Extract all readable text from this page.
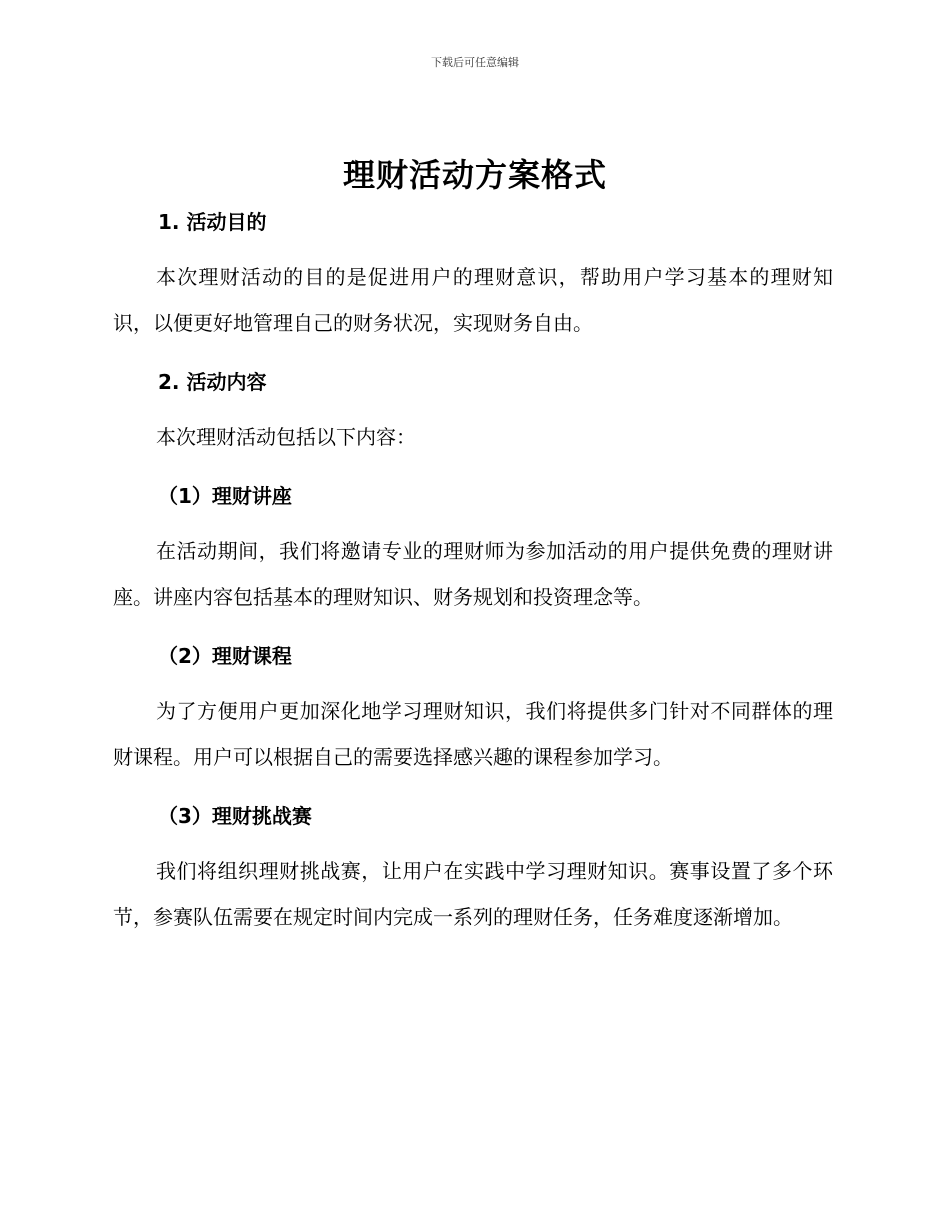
下载后可任意编辑
理财活动方案格式
1. 活动目的

本次理财活动的目的是促进用户的理财意识，帮助用户学习基本的理财知识，以便更好地管理自己的财务状况，实现财务自由。

2. 活动内容

本次理财活动包括以下内容：

（1）理财讲座

在活动期间，我们将邀请专业的理财师为参加活动的用户提供免费的理财讲座。讲座内容包括基本的理财知识、财务规划和投资理念等。

（2）理财课程

为了方便用户更加深化地学习理财知识，我们将提供多门针对不同群体的理财课程。用户可以根据自己的需要选择感兴趣的课程参加学习。

（3）理财挑战赛

我们将组织理财挑战赛，让用户在实践中学习理财知识。赛事设置了多个环节，参赛队伍需要在规定时间内完成一系列的理财任务，任务难度逐渐增加。
